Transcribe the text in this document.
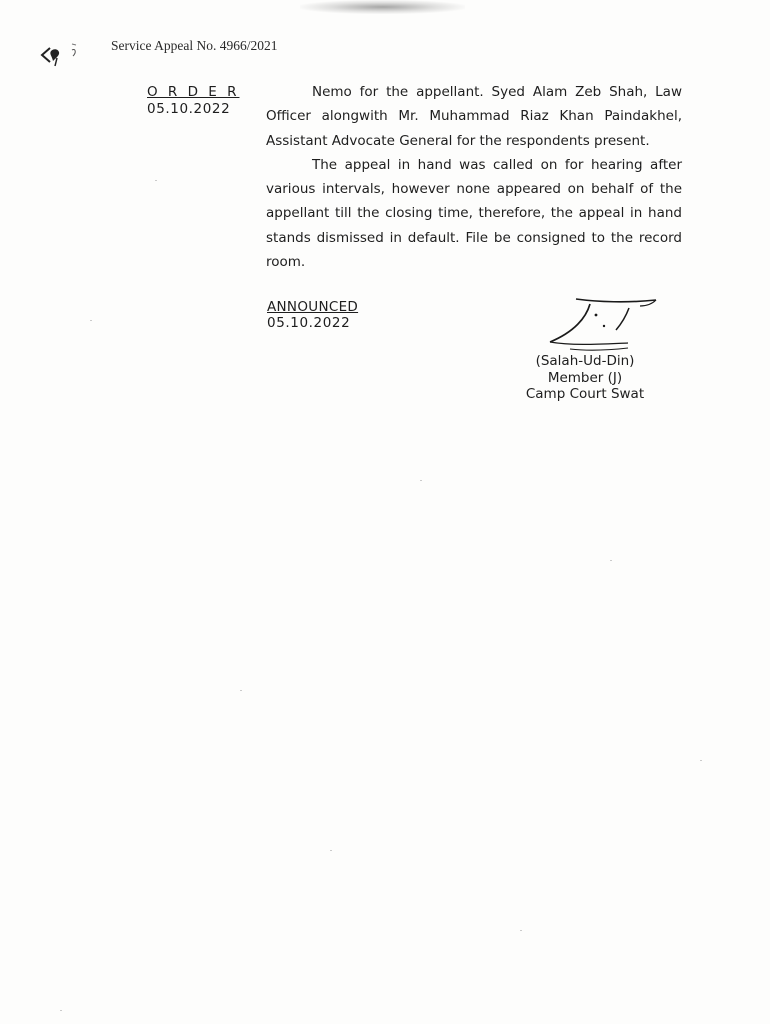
Service Appeal No. 4966/2021
O R D E R
05.10.2022

Nemo for the appellant. Syed Alam Zeb Shah, Law Officer alongwith Mr. Muhammad Riaz Khan Paindakhel, Assistant Advocate General for the respondents present.

The appeal in hand was called on for hearing after various intervals, however none appeared on behalf of the appellant till the closing time, therefore, the appeal in hand stands dismissed in default. File be consigned to the record room.

ANNOUNCED
05.10.2022
(Salah-Ud-Din)
Member (J)
Camp Court Swat
